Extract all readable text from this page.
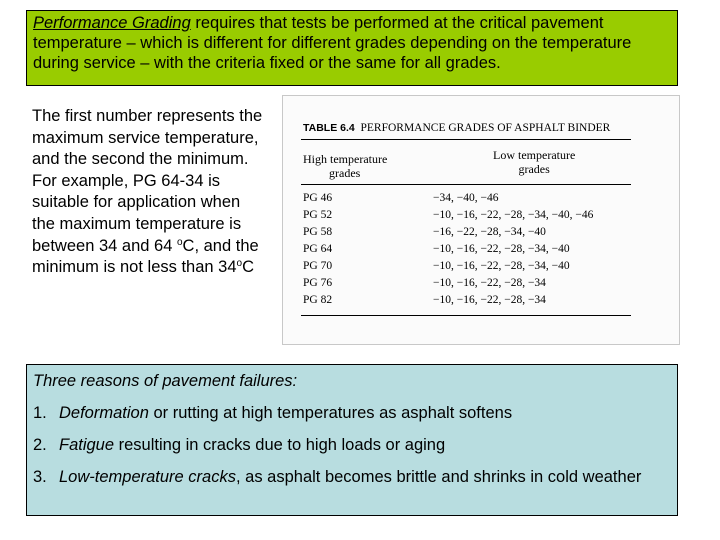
Performance Grading requires that tests be performed at the critical pavement temperature – which is different for different grades depending on the temperature during service – with the criteria fixed or the same for all grades.
The first number represents the maximum service temperature, and the second the minimum. For example, PG 64-34 is suitable for application when the maximum temperature is between 34 and 64 $^o$C, and the minimum is not less than 34$^o$C
TABLE 6.4 PERFORMANCE GRADES OF ASPHALT BINDER
High temperature
grades
Low temperature
grades
PG 46	−34, −40, −46
PG 52	−10, −16, −22, −28, −34, −40, −46
PG 58	−16, −22, −28, −34, −40
PG 64	−10, −16, −22, −28, −34, −40
PG 70	−10, −16, −22, −28, −34, −40
PG 76	−10, −16, −22, −28, −34
PG 82	−10, −16, −22, −28, −34
Three reasons of pavement failures:
1. Deformation or rutting at high temperatures as asphalt softens
2. Fatigue resulting in cracks due to high loads or aging
3. Low-temperature cracks, as asphalt becomes brittle and shrinks in cold weather
